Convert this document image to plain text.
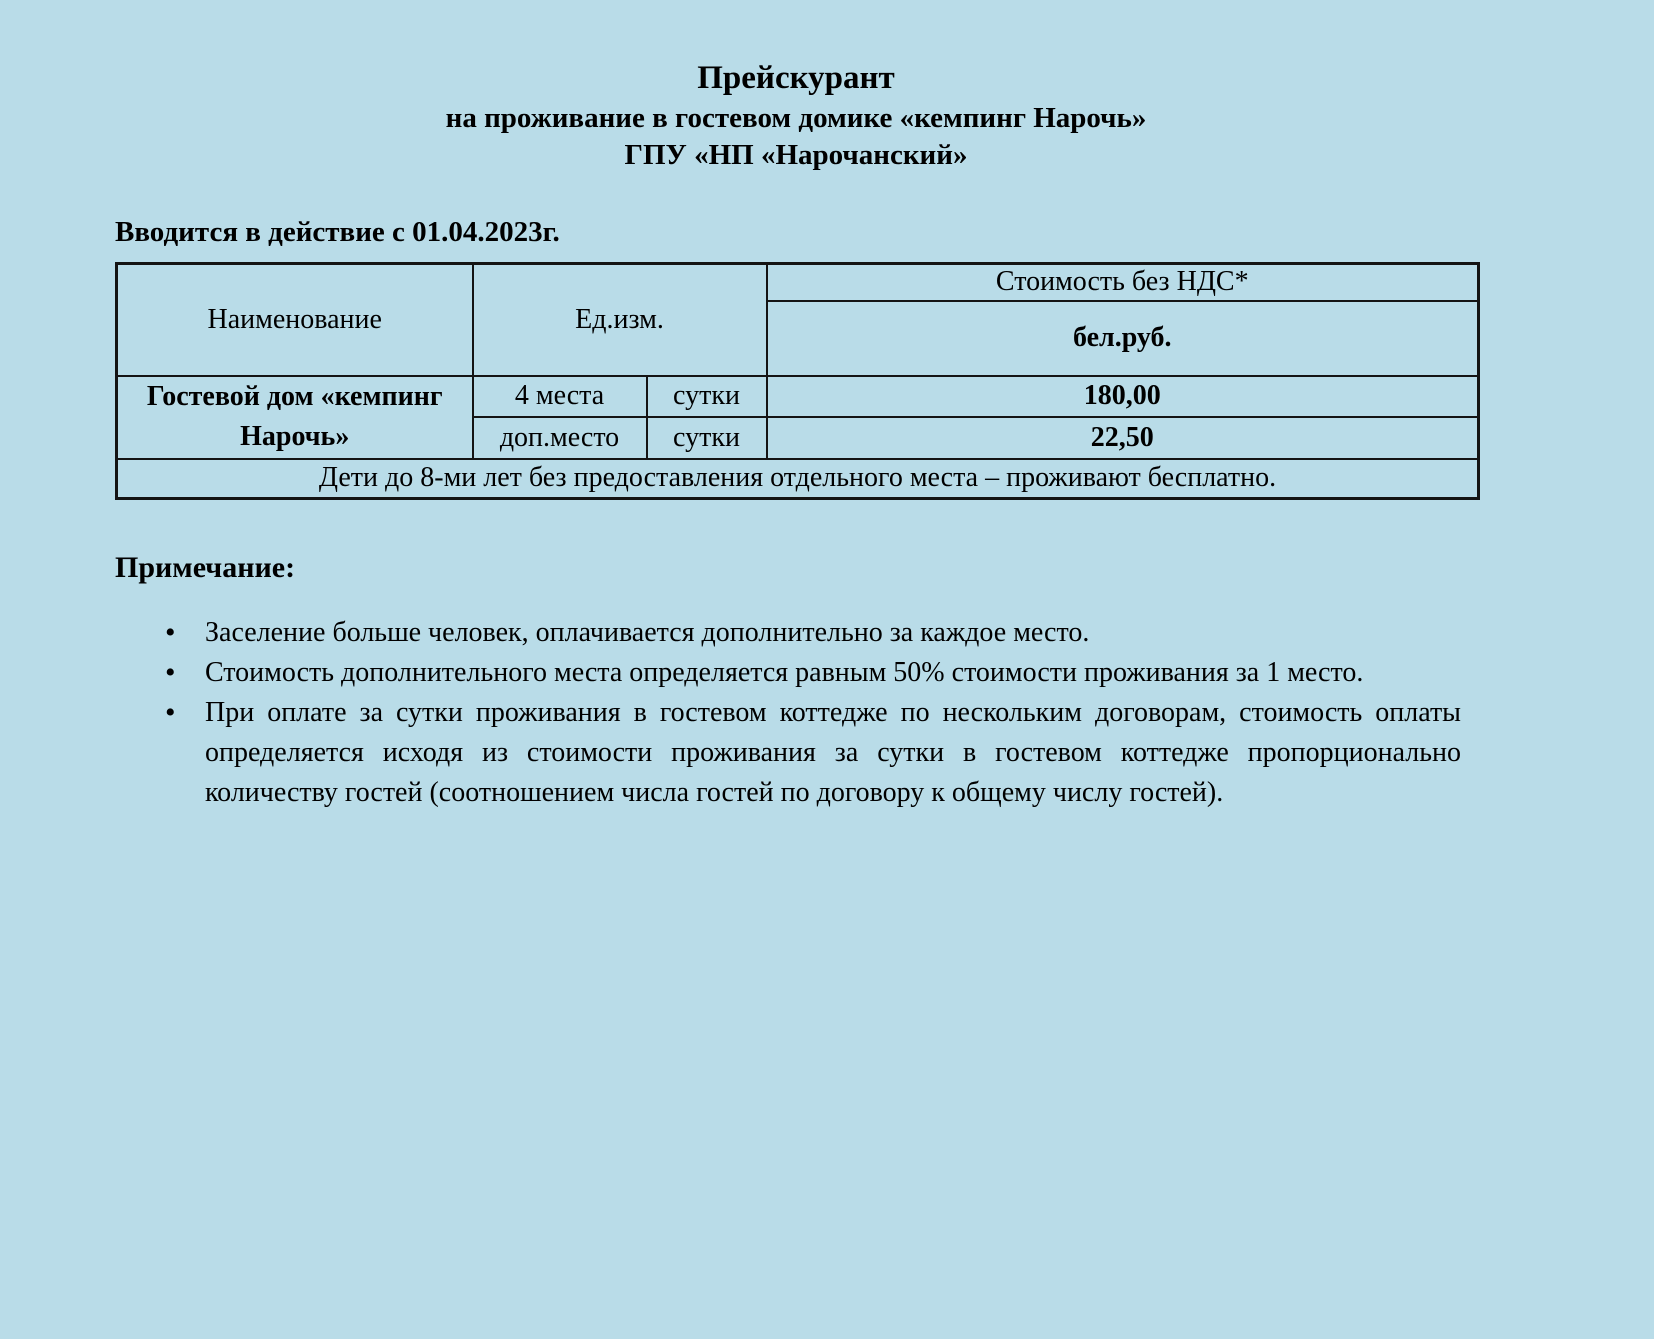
Прейскурант
на проживание в гостевом домике «кемпинг Нарочь»
ГПУ «НП «Нарочанский»
Вводится в действие с 01.04.2023г.
Наименование	Ед.изм.		Стоимость без НДС*
			бел.руб.
Гостевой дом «кемпинг Нарочь»	4 места	сутки	180,00
	доп.место	сутки	22,50
Дети до 8-ми лет без предоставления отдельного места – проживают бесплатно.			
Примечание:
• Заселение больше человек, оплачивается дополнительно за каждое место.
• Стоимость дополнительного места определяется равным 50% стоимости проживания за 1 место.
• При оплате за сутки проживания в гостевом коттедже по нескольким договорам, стоимость оплаты определяется исходя из стоимости проживания за сутки в гостевом коттедже пропорционально количеству гостей (соотношением числа гостей по договору к общему числу гостей).
